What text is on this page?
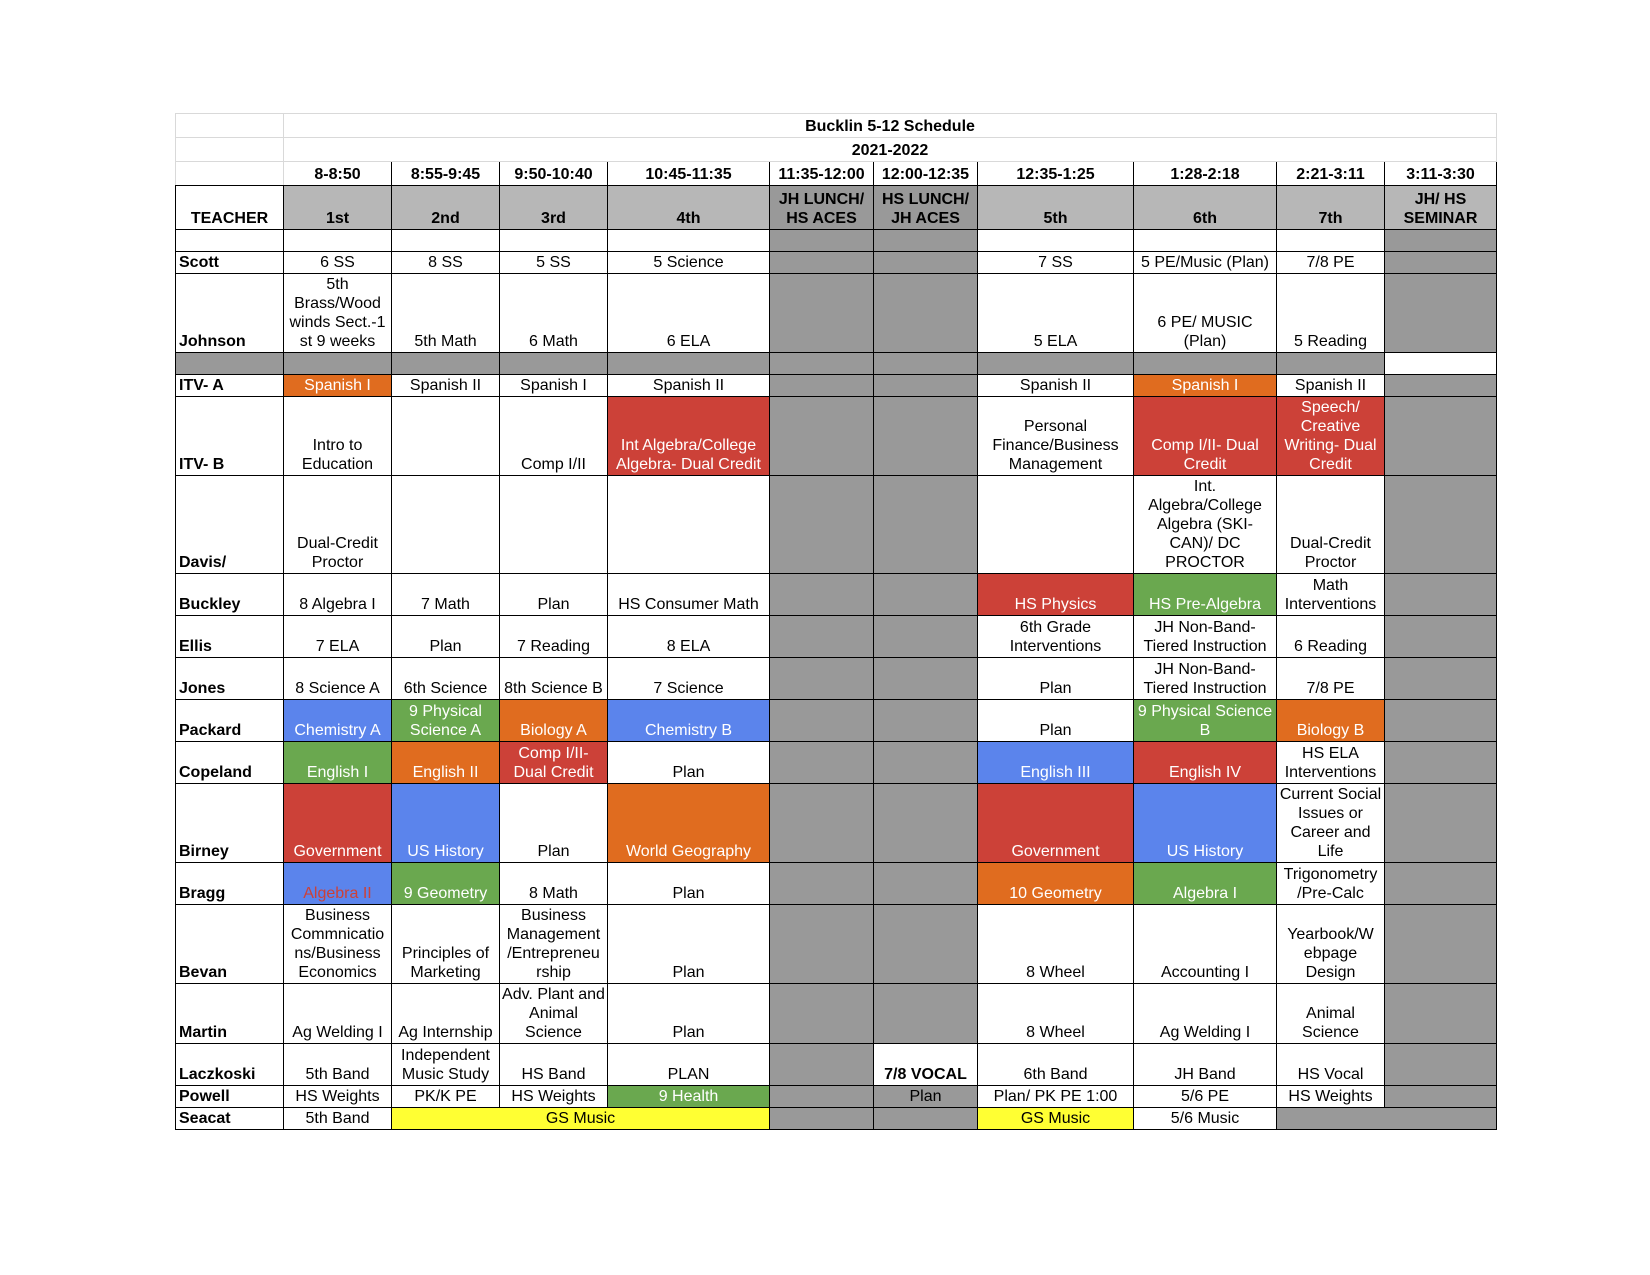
	Bucklin 5-12 Schedule									
	2021-2022									
	8-8:50	8:55-9:45	9:50-10:40	10:45-11:35	11:35-12:00	12:00-12:35	12:35-1:25	1:28-2:18	2:21-3:11	3:11-3:30
TEACHER	1st	2nd	3rd	4th	JH LUNCH/ HS ACES	HS LUNCH/ JH ACES	5th	6th	7th	JH/ HS SEMINAR

Scott	6 SS	8 SS	5 SS	5 Science			7 SS	5 PE/Music (Plan)	7/8 PE	
Johnson	5th Brass/Wood winds Sect.-1 st 9 weeks	5th Math	6 Math	6 ELA			5 ELA	6 PE/ MUSIC (Plan)	5 Reading	

ITV- A	Spanish I	Spanish II	Spanish I	Spanish II			Spanish II	Spanish I	Spanish II	
ITV- B	Intro to Education		Comp I/II	Int Algebra/College Algebra- Dual Credit			Personal Finance/Business Management	Comp I/II- Dual Credit	Speech/ Creative Writing- Dual Credit	
Davis/	Dual-Credit Proctor							Int. Algebra/College Algebra (SKI-CAN)/ DC PROCTOR	Dual-Credit Proctor	
Buckley	8 Algebra I	7 Math	Plan	HS Consumer Math			HS Physics	HS Pre-Algebra	Math Interventions	
Ellis	7 ELA	Plan	7 Reading	8 ELA			6th Grade Interventions	JH Non-Band- Tiered Instruction	6 Reading	
Jones	8 Science A	6th Science	8th Science B	7 Science			Plan	JH Non-Band- Tiered Instruction	7/8 PE	
Packard	Chemistry A	9 Physical Science A	Biology A	Chemistry B			Plan	9 Physical Science B	Biology B	
Copeland	English I	English II	Comp I/II- Dual Credit	Plan			English III	English IV	HS ELA Interventions	
Birney	Government	US History	Plan	World Geography			Government	US History	Current Social Issues or Career and Life	
Bragg	Algebra II	9 Geometry	8 Math	Plan			10 Geometry	Algebra I	Trigonometry /Pre-Calc	
Bevan	Business Commnicatio ns/Business Economics	Principles of Marketing	Business Management /Entrepreneu rship	Plan			8 Wheel	Accounting I	Yearbook/W ebpage Design	
Martin	Ag Welding I	Ag Internship	Adv. Plant and Animal Science	Plan			8 Wheel	Ag Welding I	Animal Science	
Laczkoski	5th Band	Independent Music Study	HS Band	PLAN		7/8 VOCAL	6th Band	JH Band	HS Vocal	
Powell	HS Weights	PK/K PE	HS Weights	9 Health		Plan	Plan/ PK PE 1:00	5/6 PE	HS Weights	
Seacat	5th Band	GS Music					GS Music	5/6 Music		
